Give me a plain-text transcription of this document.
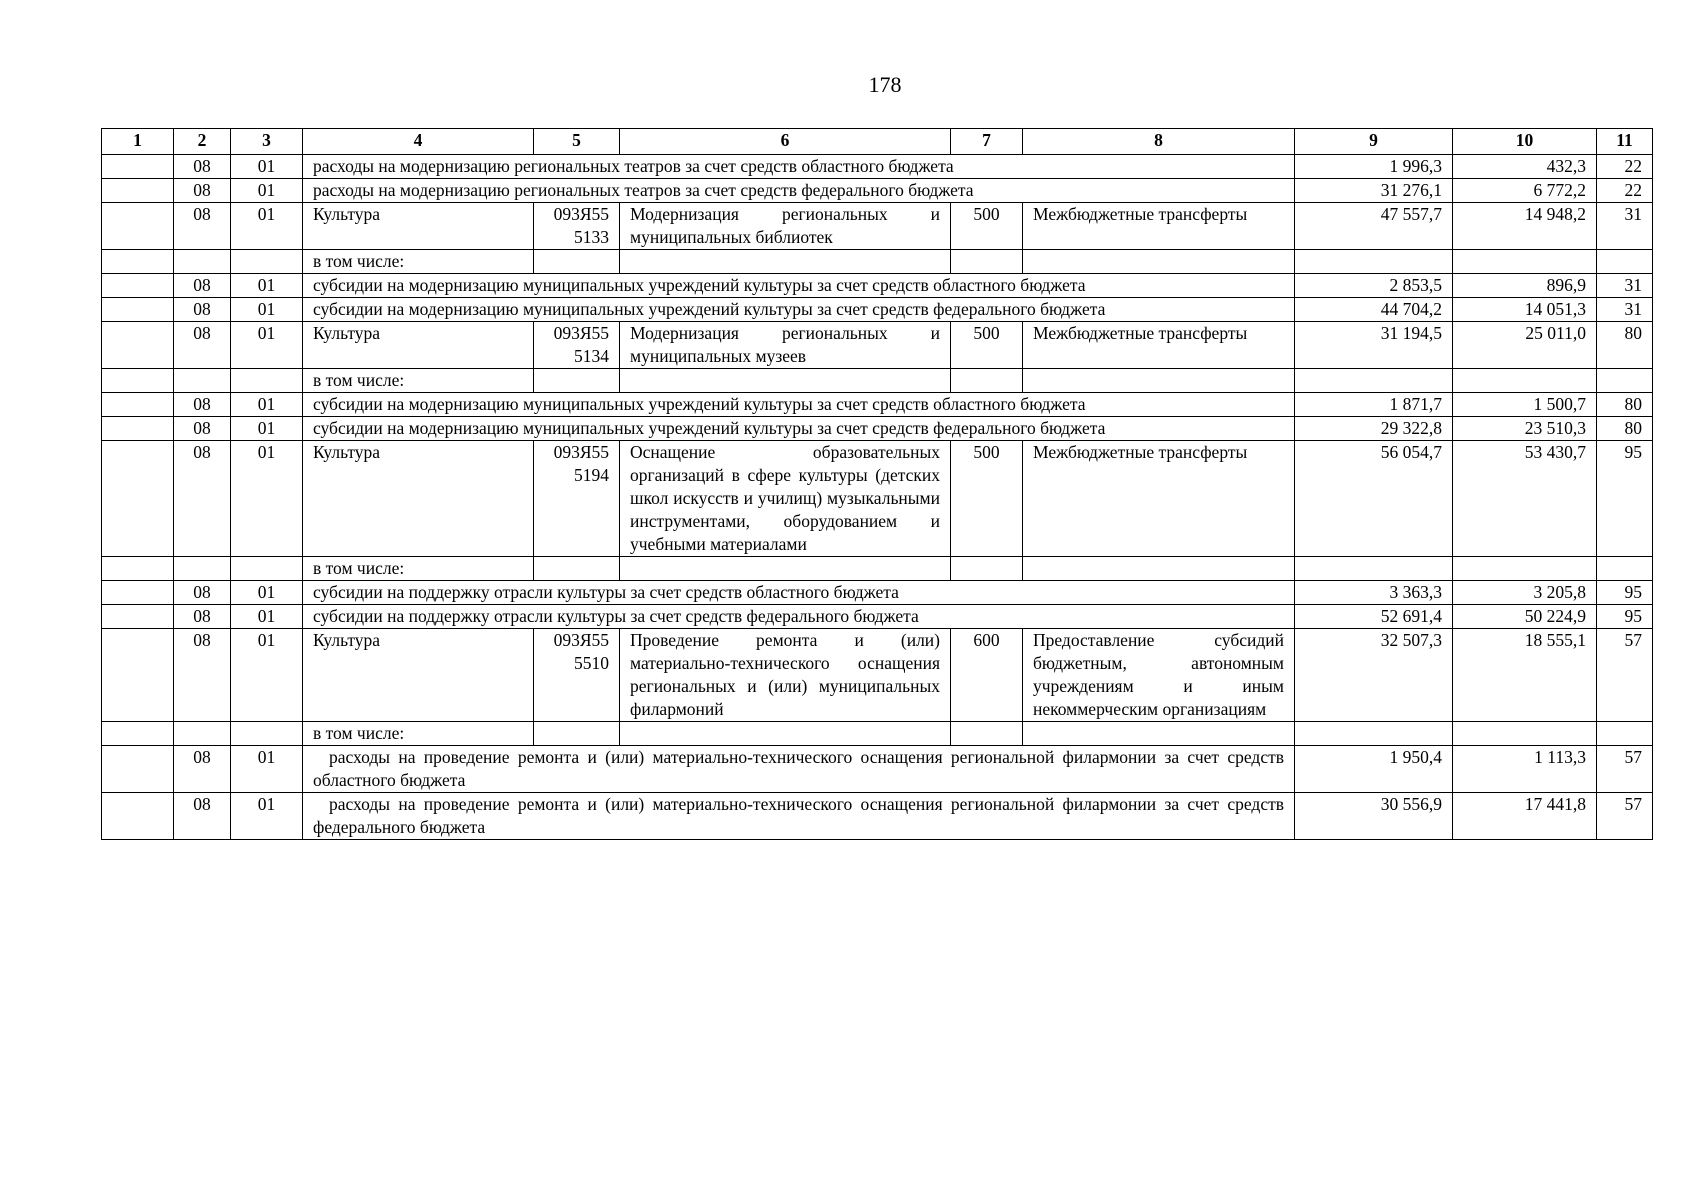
178
1	2	3	4	5	6	7	8	9	10	11
	08	01	расходы на модернизацию региональных театров за счет средств областного бюджета					1 996,3	432,3	22
	08	01	расходы на модернизацию региональных театров за счет средств федерального бюджета					31 276,1	6 772,2	22
	08	01	Культура	093Я55 5133	Модернизация региональных и муниципальных библиотек	500	Межбюджетные трансферты	47 557,7	14 948,2	31
			в том числе:							
	08	01	субсидии на модернизацию муниципальных учреждений культуры за счет средств областного бюджета					2 853,5	896,9	31
	08	01	субсидии на модернизацию муниципальных учреждений культуры за счет средств федерального бюджета					44 704,2	14 051,3	31
	08	01	Культура	093Я55 5134	Модернизация региональных и муниципальных музеев	500	Межбюджетные трансферты	31 194,5	25 011,0	80
			в том числе:							
	08	01	субсидии на модернизацию муниципальных учреждений культуры за счет средств областного бюджета					1 871,7	1 500,7	80
	08	01	субсидии на модернизацию муниципальных учреждений культуры за счет средств федерального бюджета					29 322,8	23 510,3	80
	08	01	Культура	093Я55 5194	Оснащение образовательных организаций в сфере культуры (детских школ искусств и училищ) музыкальными инструментами, оборудованием и учебными материалами	500	Межбюджетные трансферты	56 054,7	53 430,7	95
			в том числе:							
	08	01	субсидии на поддержку отрасли культуры за счет средств областного бюджета					3 363,3	3 205,8	95
	08	01	субсидии на поддержку отрасли культуры за счет средств федерального бюджета					52 691,4	50 224,9	95
	08	01	Культура	093Я55 5510	Проведение ремонта и (или) материально-технического оснащения региональных и (или) муниципальных филармоний	600	Предоставление субсидий бюджетным, автономным учреждениям и иным некоммерческим организациям	32 507,3	18 555,1	57
			в том числе:							
	08	01	расходы на проведение ремонта и (или) материально-технического оснащения региональной филармонии за счет средств областного бюджета					1 950,4	1 113,3	57
	08	01	расходы на проведение ремонта и (или) материально-технического оснащения региональной филармонии за счет средств федерального бюджета					30 556,9	17 441,8	57
